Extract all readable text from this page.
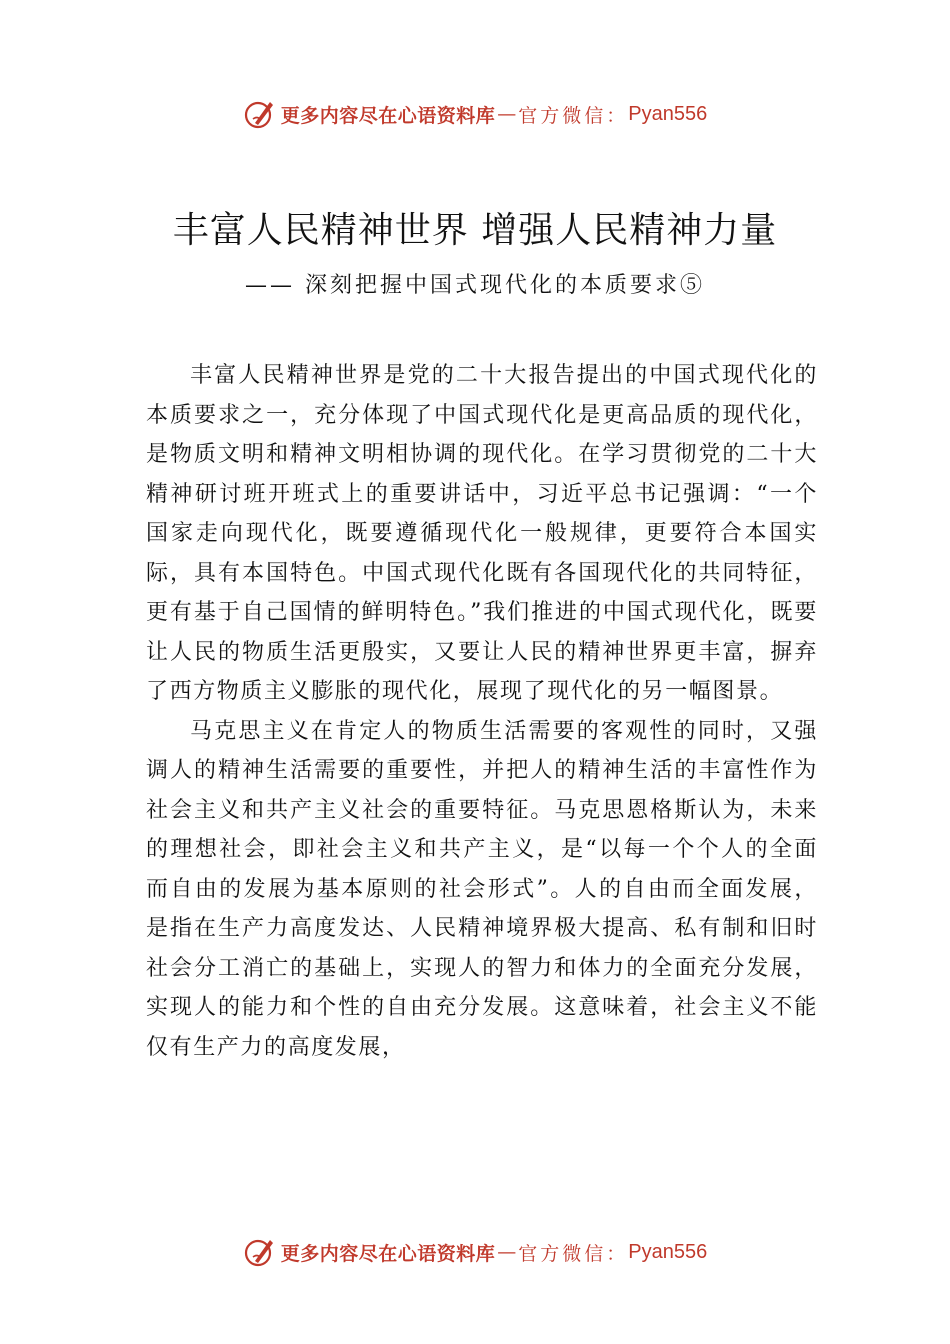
更多内容尽在心语资料库 — 官方微信： Pyan556
丰富人民精神世界 增强人民精神力量
—— 深刻把握中国式现代化的本质要求⑤

丰富人民精神世界是党的二十大报告提出的中国式现代化的本质要求之一，充分体现了中国式现代化是更高品质的现代化，是物质文明和精神文明相协调的现代化。在学习贯彻党的二十大精神研讨班开班式上的重要讲话中，习近平总书记强调：“一个国家走向现代化，既要遵循现代化一般规律，更要符合本国实际，具有本国特色。中国式现代化既有各国现代化的共同特征，更有基于自己国情的鲜明特色。”我们推进的中国式现代化，既要让人民的物质生活更殷实，又要让人民的精神世界更丰富，摒弃了西方物质主义膨胀的现代化，展现了现代化的另一幅图景。

马克思主义在肯定人的物质生活需要的客观性的同时，又强调人的精神生活需要的重要性，并把人的精神生活的丰富性作为社会主义和共产主义社会的重要特征。马克思恩格斯认为，未来的理想社会，即社会主义和共产主义，是“以每一个个人的全面而自由的发展为基本原则的社会形式”。人的自由而全面发展，是指在生产力高度发达、人民精神境界极大提高、私有制和旧时社会分工消亡的基础上，实现人的智力和体力的全面充分发展，实现人的能力和个性的自由充分发展。这意味着，社会主义不能仅有生产力的高度发展，

更多内容尽在心语资料库 — 官方微信： Pyan556
